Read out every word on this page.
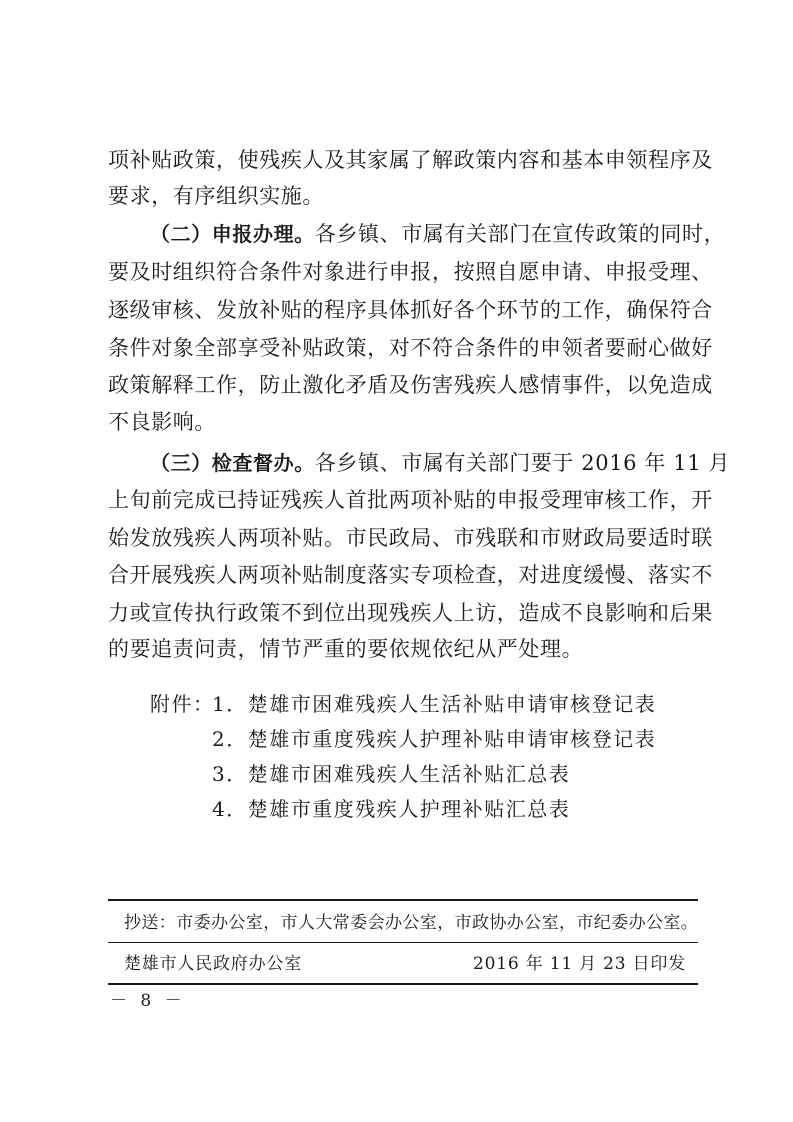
项补贴政策，使残疾人及其家属了解政策内容和基本申领程序及
要求，有序组织实施。
（二）申报办理。各乡镇、市属有关部门在宣传政策的同时，
要及时组织符合条件对象进行申报，按照自愿申请、申报受理、
逐级审核、发放补贴的程序具体抓好各个环节的工作，确保符合
条件对象全部享受补贴政策，对不符合条件的申领者要耐心做好
政策解释工作，防止激化矛盾及伤害残疾人感情事件，以免造成
不良影响。
（三）检查督办。各乡镇、市属有关部门要于 2016 年 11 月
上旬前完成已持证残疾人首批两项补贴的申报受理审核工作，开
始发放残疾人两项补贴。市民政局、市残联和市财政局要适时联
合开展残疾人两项补贴制度落实专项检查，对进度缓慢、落实不
力或宣传执行政策不到位出现残疾人上访，造成不良影响和后果
的要追责问责，情节严重的要依规依纪从严处理。
附件：
1．楚雄市困难残疾人生活补贴申请审核登记表
2．楚雄市重度残疾人护理补贴申请审核登记表
3．楚雄市困难残疾人生活补贴汇总表
4．楚雄市重度残疾人护理补贴汇总表
抄送：市委办公室，市人大常委会办公室，市政协办公室，市纪委办公室。
楚雄市人民政府办公室	2016 年 11 月 23 日印发
－ 8 －
